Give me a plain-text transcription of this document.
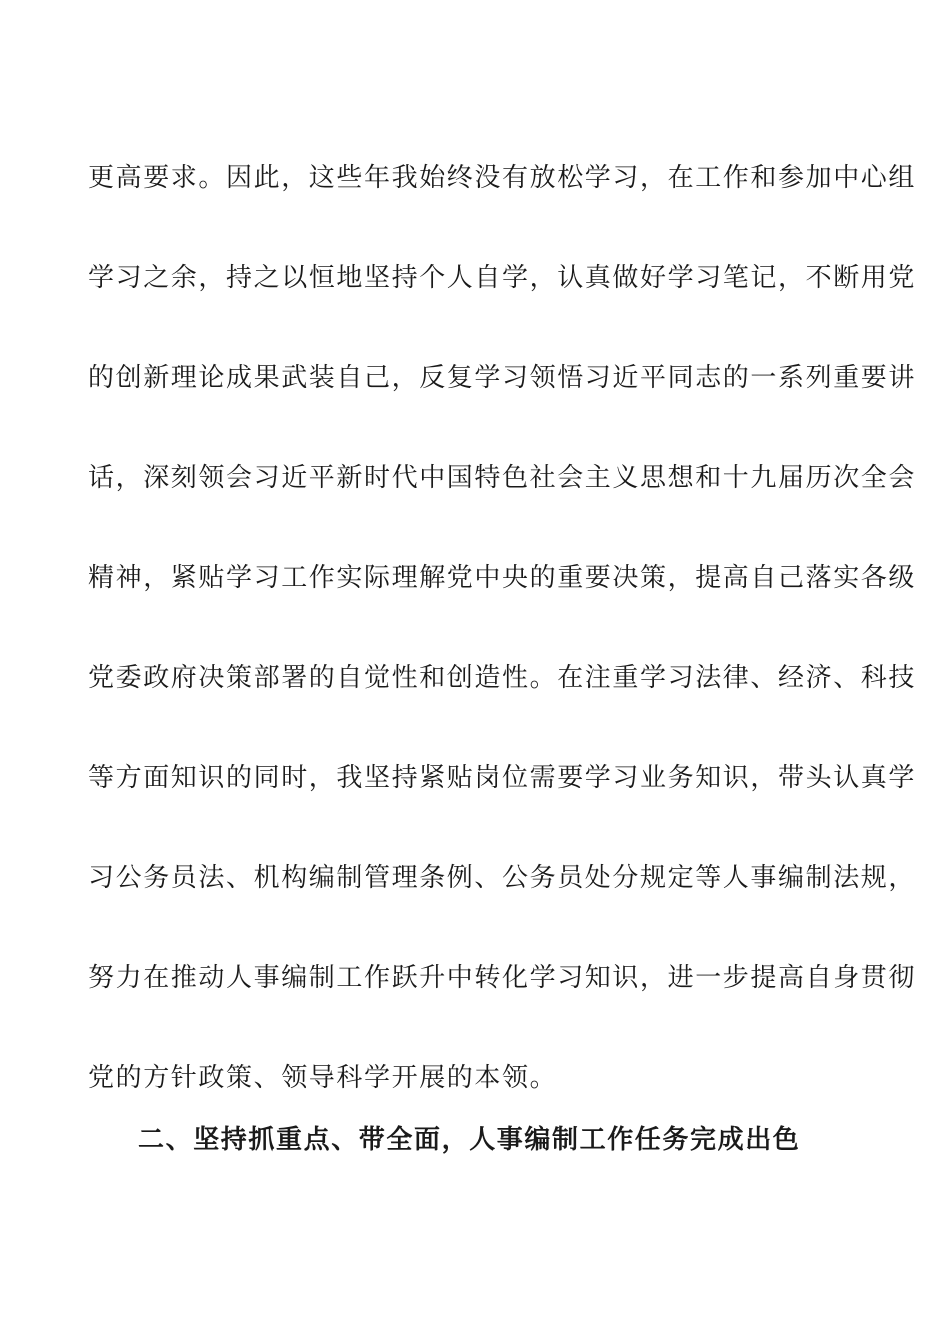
更高要求。因此，这些年我始终没有放松学习，在工作和参加中心组
学习之余，持之以恒地坚持个人自学，认真做好学习笔记，不断用党
的创新理论成果武装自己，反复学习领悟习近平同志的一系列重要讲
话，深刻领会习近平新时代中国特色社会主义思想和十九届历次全会
精神，紧贴学习工作实际理解党中央的重要决策，提高自己落实各级
党委政府决策部署的自觉性和创造性。在注重学习法律、经济、科技
等方面知识的同时，我坚持紧贴岗位需要学习业务知识，带头认真学
习公务员法、机构编制管理条例、公务员处分规定等人事编制法规，
努力在推动人事编制工作跃升中转化学习知识，进一步提高自身贯彻
党的方针政策、领导科学开展的本领。
二、坚持抓重点、带全面，人事编制工作任务完成出色
